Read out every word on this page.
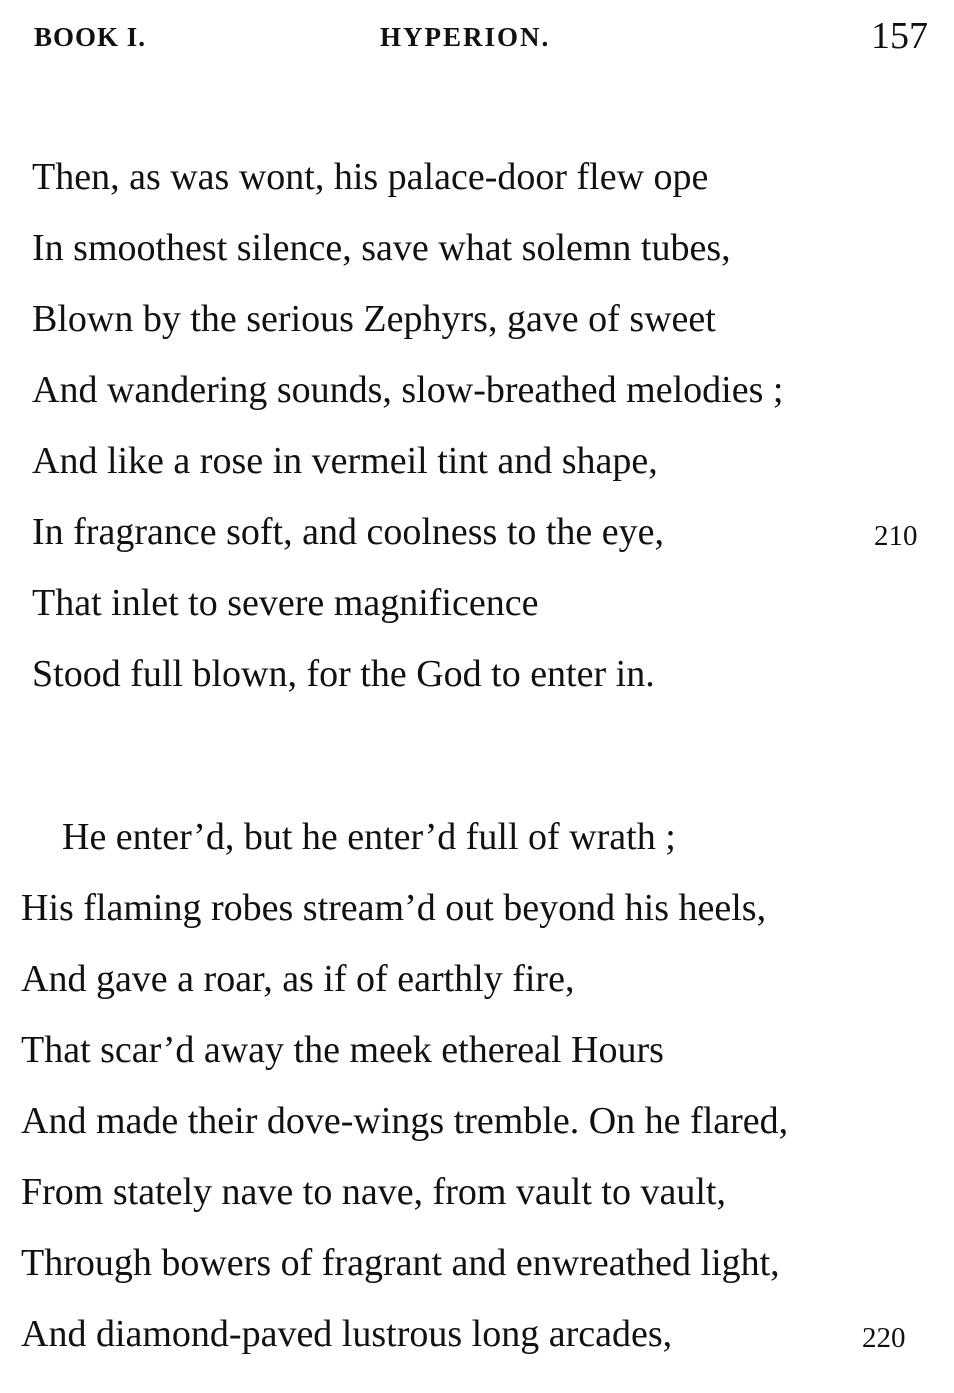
BOOK I.	HYPERION.	157
Then, as was wont, his palace-door flew ope
In smoothest silence, save what solemn tubes,
Blown by the serious Zephyrs, gave of sweet
And wandering sounds, slow-breathed melodies ;
And like a rose in vermeil tint and shape,
In fragrance soft, and coolness to the eye,	210
That inlet to severe magnificence
Stood full blown, for the God to enter in.
He enter’d, but he enter’d full of wrath ;
His flaming robes stream’d out beyond his heels,
And gave a roar, as if of earthly fire,
That scar’d away the meek ethereal Hours
And made their dove-wings tremble. On he flared,
From stately nave to nave, from vault to vault,
Through bowers of fragrant and enwreathed light,
And diamond-paved lustrous long arcades,	220
